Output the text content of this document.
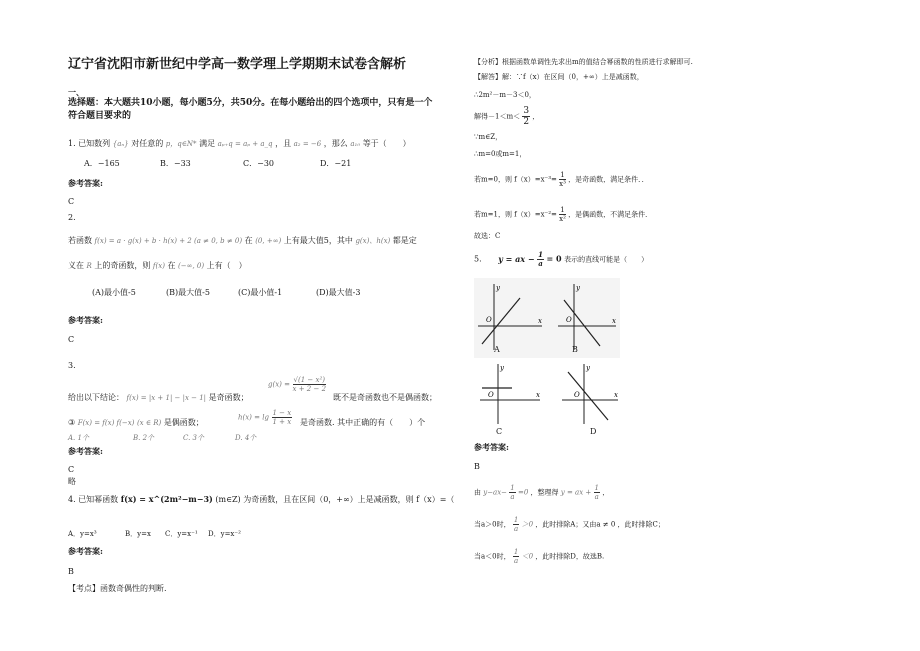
辽宁省沈阳市新世纪中学高一数学理上学期期末试卷含解析
一、
选择题：本大题共10小题，每小题5分，共50分。在每小题给出的四个选项中，只有是一个
符合题目要求的
1. 已知数列 {aₙ} 对任意的 p，q∈N* 满足 aₚ₊q = aₚ + a_q ，且 a₂ = −6 ，那么 a₁₀ 等于（　　）
A．−165	B．−33	C．−30	D．−21
参考答案:
C
2.
若函数 f(x) = a · g(x) + b · h(x) + 2 (a ≠ 0, b ≠ 0) 在 (0, +∞) 上有最大值5，其中 g(x)、h(x) 都是定
义在 R 上的奇函数，则 f(x) 在 (−∞, 0) 上有（　）
(A)最小值-5	(B)最大值-5	(C)最小值-1	(D)最大值-3
参考答案:
C
3.
给出以下结论： f(x) = |x + 1| − |x − 1| 是奇函数；
$g(x) = \frac{\text{√(1 − x²)}}{x + 2 - 2}$
既不是奇函数也不是偶函数；
③ F(x) = f(x) f(−x) (x ∈ R) 是偶函数；
$h(x) = \lg \frac{1 - x}{1 + x}$ 是奇函数. 其中正确的有（　　）个
A. 1个	B. 2个	C. 3个	D. 4个
参考答案:
C
略
4. 已知幂函数 f(x) = x^(2m²−m−3) (m∈Z) 为奇函数，且在区间（0，+∞）上是减函数，则 f（x）=（
A．y=x³	B．y=x C．y=x⁻¹ D．y=x⁻²
参考答案:
B
【考点】函数奇偶性的判断.
【分析】根据函数单调性先求出m的值结合幂函数的性质进行求解即可.
【解答】解：∵f（x）在区间（0，+∞）上是减函数，
∴2m²－m－3＜0，
解得$-1<m< \frac{3}{2}$ ，
∵m∈Z，
∴m=0或m=1，
若m=0，则 $f(x)=x^{-3}= \frac{1}{\text{x³}}$ ，是奇函数，满足条件．．
若m=1，则 $f(x)=x^{-2}= \frac{1}{\text{x²}}$ ，是偶函数，不满足条件．
故选：C
5. y = ax − $\frac{1}{a} = 0$ 表示的直线可能是（　　）
y
x
O
y
x
O
A	B
y
x
O
y
x
O
C	D
参考答案:
B
由 $y-ax- \frac{1}{a} =0$ ，整理得 y = ax + $\frac{1}{a}$ ，
当a＞0时， $\frac{1}{a} >0$ ，此时排除A；又由a ≠ 0 ，此时排除C；
当a＜0时， $\frac{1}{a} <0$ ，此时排除D，故选B.
